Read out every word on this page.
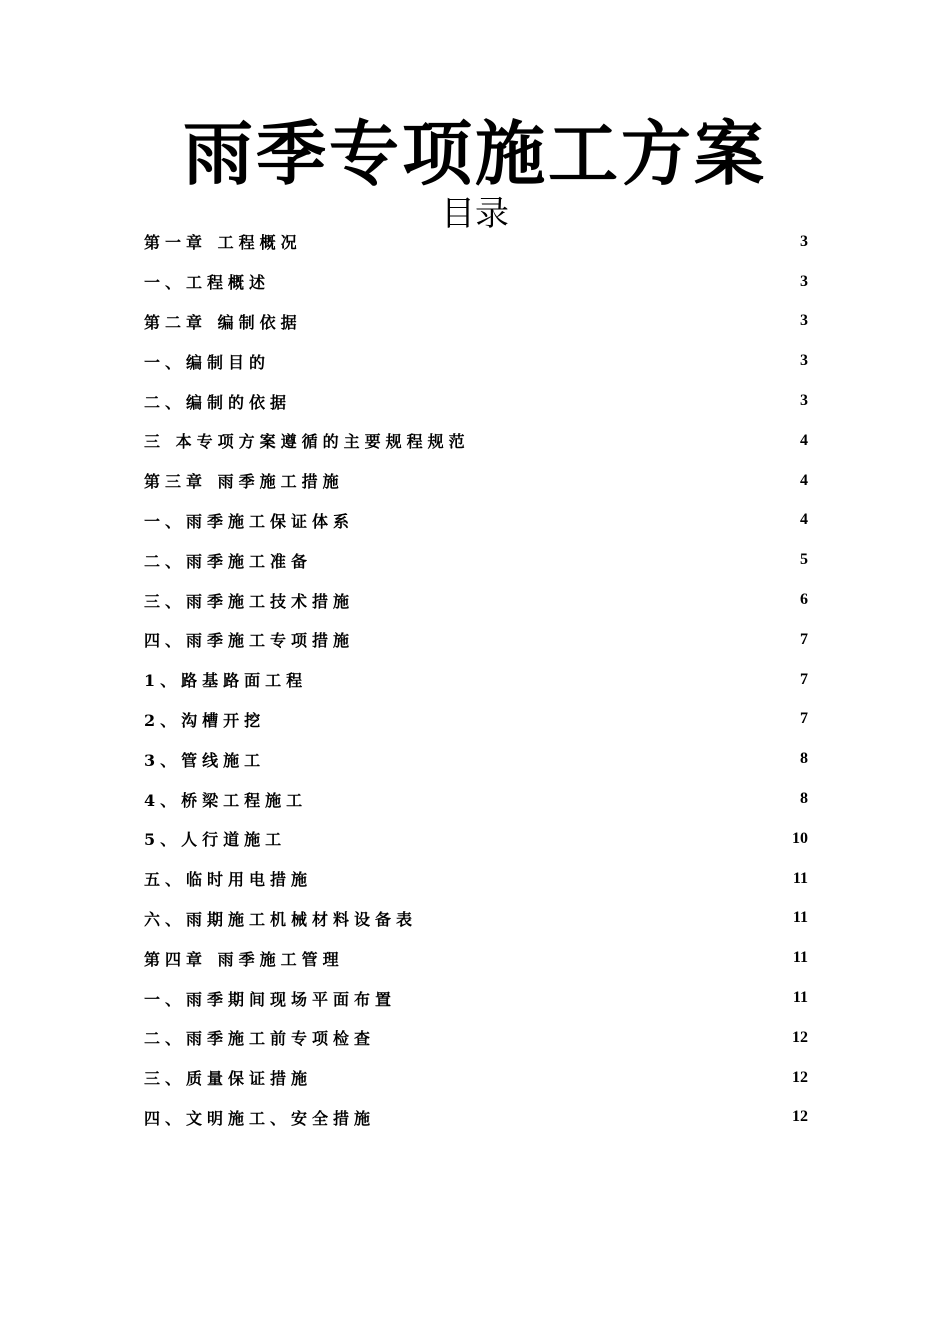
雨季专项施工方案
目录
第一章 工程概况	3
一、工程概述	3
第二章 编制依据	3
一、编制目的	3
二、编制的依据	3
三 本专项方案遵循的主要规程规范	4
第三章 雨季施工措施	4
一、雨季施工保证体系	4
二、雨季施工准备	5
三、雨季施工技术措施	6
四、雨季施工专项措施	7
1、路基路面工程	7
2、沟槽开挖	7
3、管线施工	8
4、桥梁工程施工	8
5、人行道施工	10
五、临时用电措施	11
六、雨期施工机械材料设备表	11
第四章 雨季施工管理	11
一、雨季期间现场平面布置	11
二、雨季施工前专项检查	12
三、质量保证措施	12
四、文明施工、安全措施	12
